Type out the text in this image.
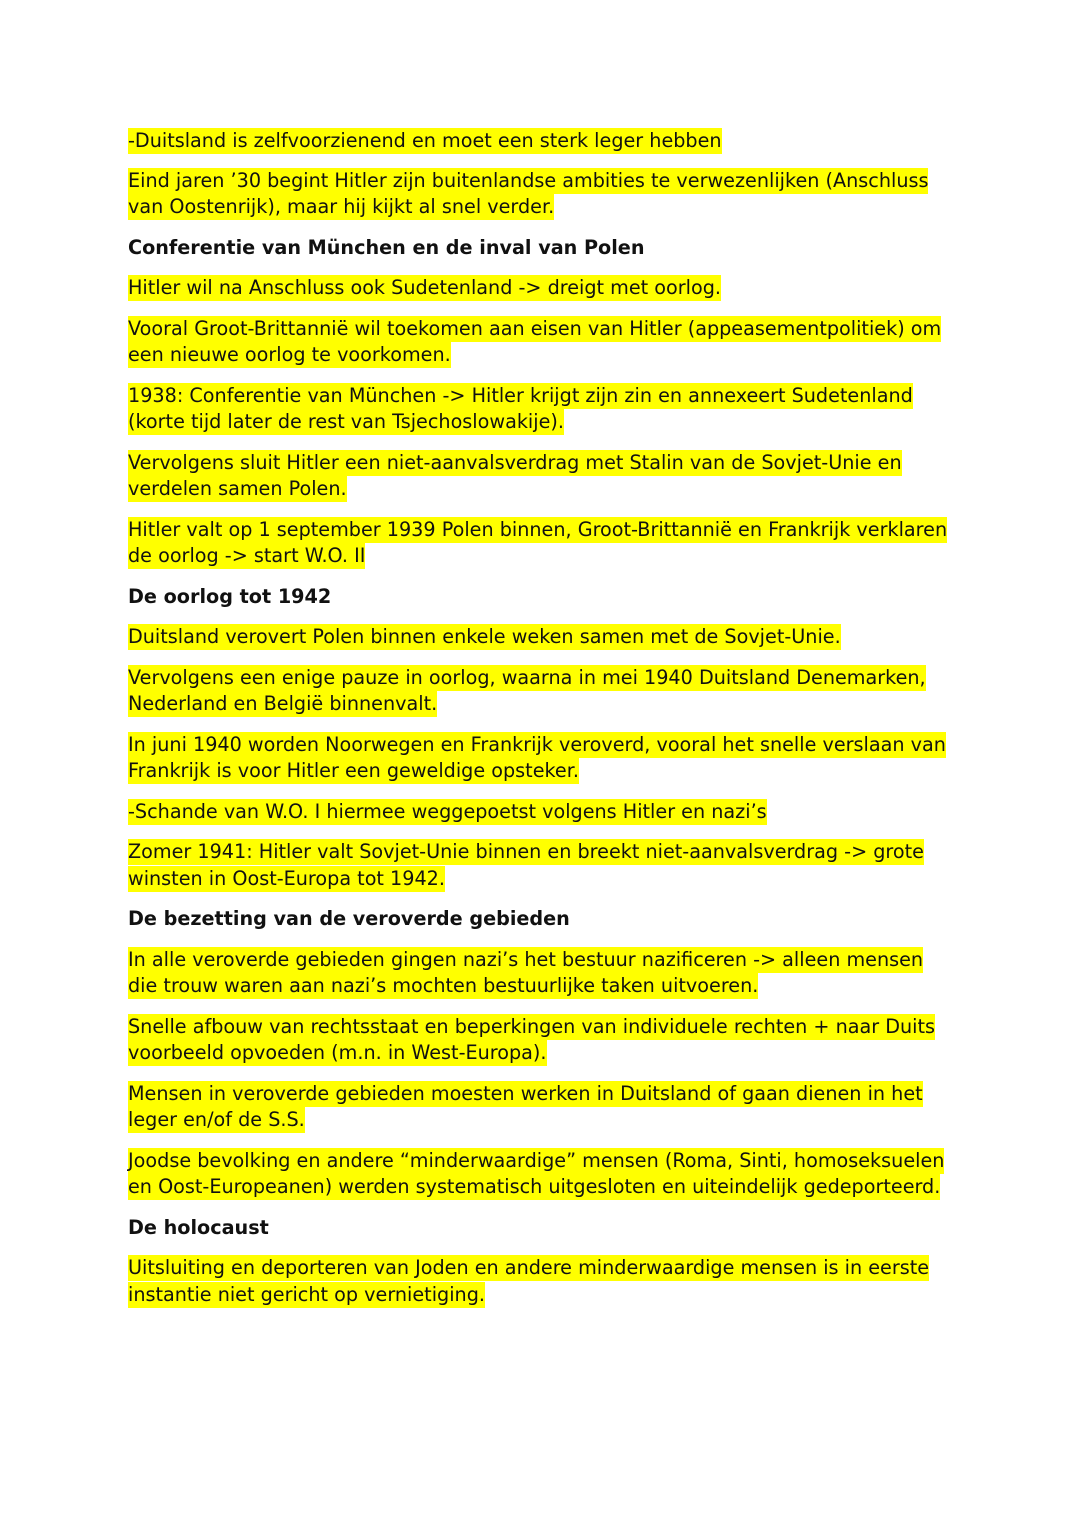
-Duitsland is zelfvoorzienend en moet een sterk leger hebben
Eind jaren ’30 begint Hitler zijn buitenlandse ambities te verwezenlijken (Anschluss van Oostenrijk), maar hij kijkt al snel verder.
Conferentie van München en de inval van Polen
Hitler wil na Anschluss ook Sudetenland -> dreigt met oorlog.
Vooral Groot-Brittannië wil toekomen aan eisen van Hitler (appeasementpolitiek) om een nieuwe oorlog te voorkomen.
1938: Conferentie van München -> Hitler krijgt zijn zin en annexeert Sudetenland (korte tijd later de rest van Tsjechoslowakije).
Vervolgens sluit Hitler een niet-aanvalsverdrag met Stalin van de Sovjet-Unie en verdelen samen Polen.
Hitler valt op 1 september 1939 Polen binnen, Groot-Brittannië en Frankrijk verklaren de oorlog -> start W.O. II
De oorlog tot 1942
Duitsland verovert Polen binnen enkele weken samen met de Sovjet-Unie.
Vervolgens een enige pauze in oorlog, waarna in mei 1940 Duitsland Denemarken, Nederland en België binnenvalt.
In juni 1940 worden Noorwegen en Frankrijk veroverd, vooral het snelle verslaan van Frankrijk is voor Hitler een geweldige opsteker.
-Schande van W.O. I hiermee weggepoetst volgens Hitler en nazi’s
Zomer 1941: Hitler valt Sovjet-Unie binnen en breekt niet-aanvalsverdrag -> grote winsten in Oost-Europa tot 1942.
De bezetting van de veroverde gebieden
In alle veroverde gebieden gingen nazi’s het bestuur nazificeren -> alleen mensen die trouw waren aan nazi’s mochten bestuurlijke taken uitvoeren.
Snelle afbouw van rechtsstaat en beperkingen van individuele rechten + naar Duits voorbeeld opvoeden (m.n. in West-Europa).
Mensen in veroverde gebieden moesten werken in Duitsland of gaan dienen in het leger en/of de S.S.
Joodse bevolking en andere “minderwaardige” mensen (Roma, Sinti, homoseksuelen en Oost-Europeanen) werden systematisch uitgesloten en uiteindelijk gedeporteerd.
De holocaust
Uitsluiting en deporteren van Joden en andere minderwaardige mensen is in eerste instantie niet gericht op vernietiging.
